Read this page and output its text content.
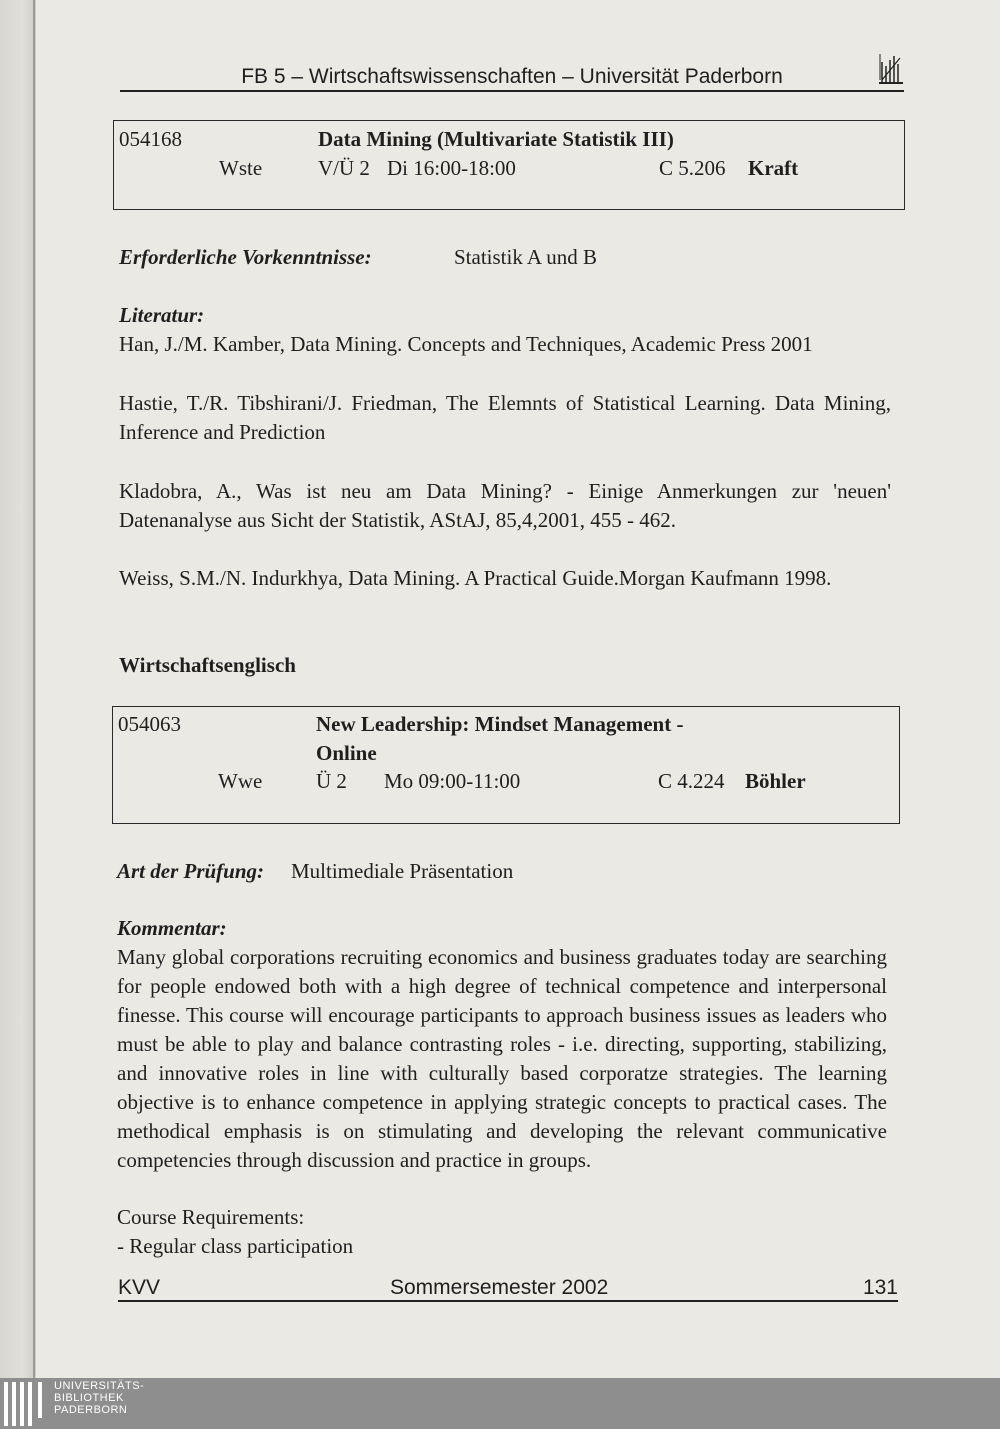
FB 5 – Wirtschaftswissenschaften – Universität Paderborn
054168	Data Mining (Multivariate Statistik III)
Wste	V/Ü 2 Di 16:00-18:00	C 5.206 Kraft
Erforderliche Vorkenntnisse:	Statistik A und B
Literatur:
Han, J./M. Kamber, Data Mining. Concepts and Techniques, Academic Press 2001
Hastie, T./R. Tibshirani/J. Friedman, The Elemnts of Statistical Learning. Data Mining, Inference and Prediction
Kladobra, A., Was ist neu am Data Mining? - Einige Anmerkungen zur 'neuen' Datenanalyse aus Sicht der Statistik, AStAJ, 85,4,2001, 455 - 462.
Weiss, S.M./N. Indurkhya, Data Mining. A Practical Guide.Morgan Kaufmann 1998.
Wirtschaftsenglisch
054063	New Leadership: Mindset Management -
Online
Wwe	Ü 2 Mo 09:00-11:00	C 4.224 Böhler
Art der Prüfung: Multimediale Präsentation
Kommentar:
Many global corporations recruiting economics and business graduates today are searching for people endowed both with a high degree of technical competence and interpersonal finesse. This course will encourage participants to approach business issues as leaders who must be able to play and balance contrasting roles - i.e. directing, supporting, stabilizing, and innovative roles in line with culturally based corporatze strategies. The learning objective is to enhance competence in applying strategic concepts to practical cases. The methodical emphasis is on stimulating and developing the relevant communicative competencies through discussion and practice in groups.
Course Requirements:
- Regular class participation
KVV	Sommersemester 2002	131
UNIVERSITÄTS-
BIBLIOTHEK
PADERBORN
